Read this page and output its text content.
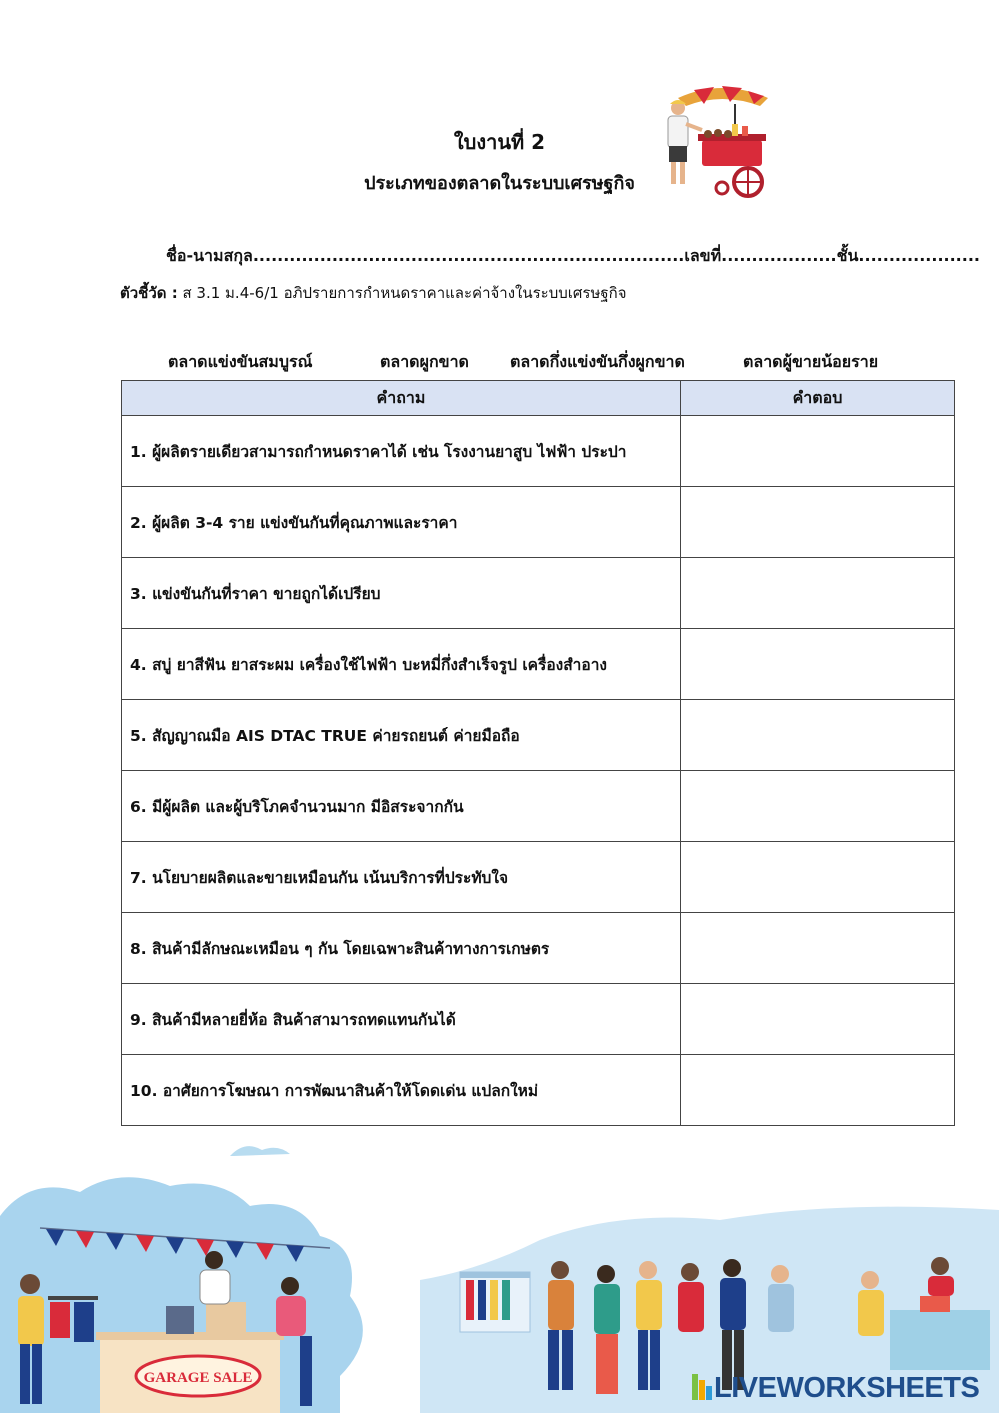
ใบงานที่ 2
ประเภทของตลาดในระบบเศรษฐกิจ
ชื่อ-นามสกุล.......................................................................เลขที่...................ชั้น....................
ตัวชี้วัด : ส 3.1 ม.4-6/1 อภิปรายการกำหนดราคาและค่าจ้างในระบบเศรษฐกิจ
ตลาดแข่งขันสมบูรณ์	ตลาดผูกขาด	ตลาดกึ่งแข่งขันกึ่งผูกขาด	ตลาดผู้ขายน้อยราย
คำถาม	คำตอบ
1. ผู้ผลิตรายเดียวสามารถกำหนดราคาได้ เช่น โรงงานยาสูบ ไฟฟ้า ประปา	
2. ผู้ผลิต 3-4 ราย แข่งขันกันที่คุณภาพและราคา	
3. แข่งขันกันที่ราคา ขายถูกได้เปรียบ	
4. สบู่ ยาสีฟัน ยาสระผม เครื่องใช้ไฟฟ้า บะหมี่กึ่งสำเร็จรูป เครื่องสำอาง	
5. สัญญาณมือ AIS DTAC TRUE ค่ายรถยนต์ ค่ายมือถือ	
6. มีผู้ผลิต และผู้บริโภคจำนวนมาก มีอิสระจากกัน	
7. นโยบายผลิตและขายเหมือนกัน เน้นบริการที่ประทับใจ	
8. สินค้ามีลักษณะเหมือน ๆ กัน โดยเฉพาะสินค้าทางการเกษตร	
9. สินค้ามีหลายยี่ห้อ สินค้าสามารถทดแทนกันได้	
10. อาศัยการโฆษณา การพัฒนาสินค้าให้โดดเด่น แปลกใหม่	
GARAGE SALE	LIVEWORKSHEETS
